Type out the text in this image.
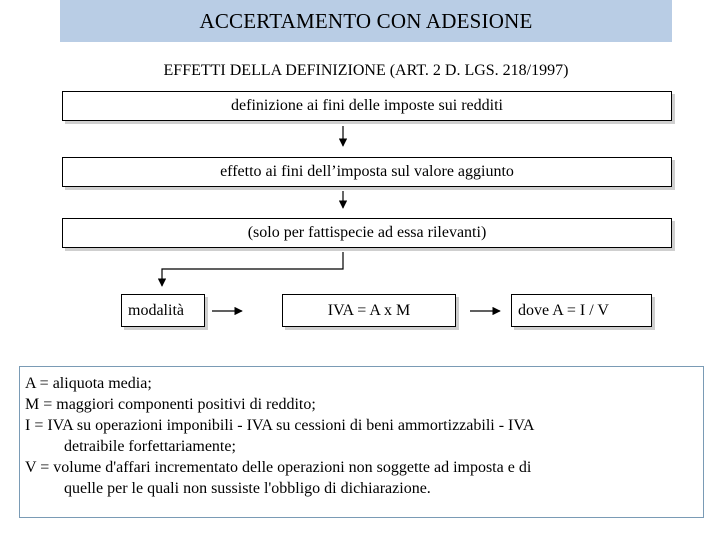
ACCERTAMENTO CON ADESIONE
EFFETTI DELLA DEFINIZIONE (ART. 2 D. LGS. 218/1997)
definizione ai fini delle imposte sui redditi
effetto ai fini dell’imposta sul valore aggiunto
(solo per fattispecie ad essa rilevanti)
modalità	IVA = A x M	dove A = I / V

A = aliquota media;

M = maggiori componenti positivi di reddito;

I = IVA su operazioni imponibili - IVA su cessioni di beni ammortizzabili - IVA

detraibile forfettariamente;

V = volume d'affari incrementato delle operazioni non soggette ad imposta e di

quelle per le quali non sussiste l'obbligo di dichiarazione.
